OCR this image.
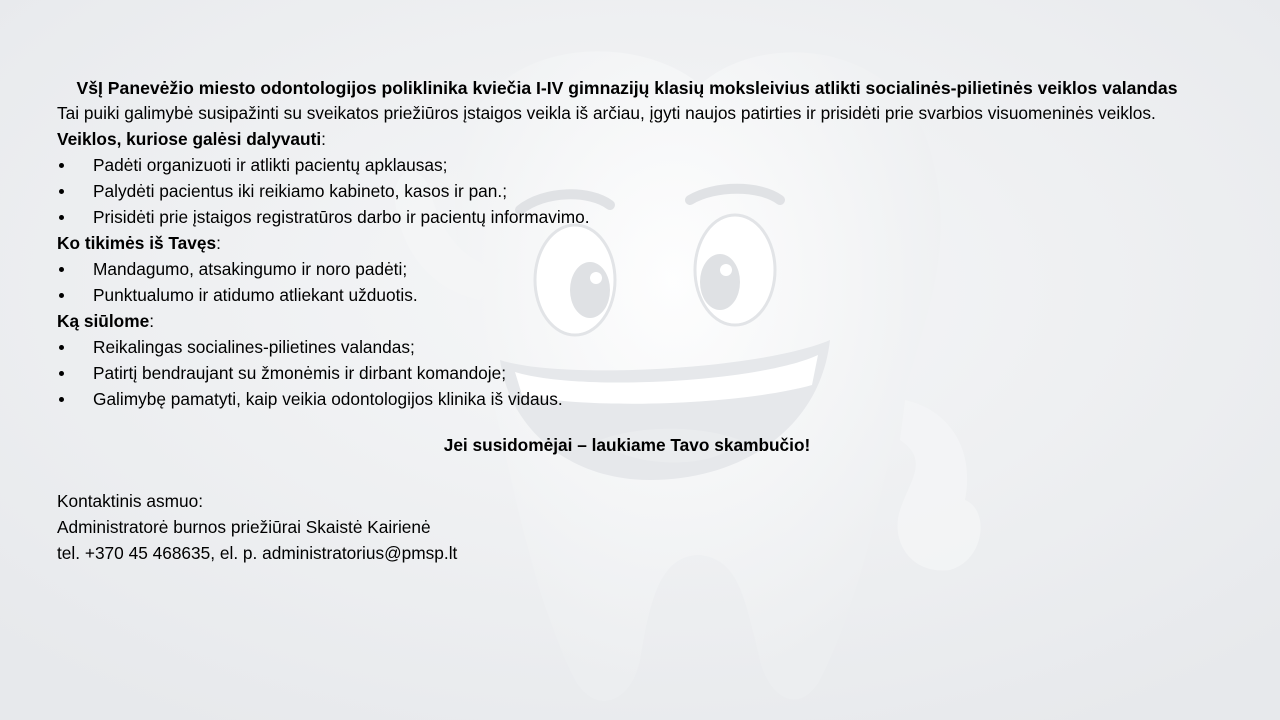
VšĮ Panevėžio miesto odontologijos poliklinika kviečia I-IV gimnazijų klasių moksleivius atlikti socialinės-pilietinės veiklos valandas

Tai puiki galimybė susipažinti su sveikatos priežiūros įstaigos veikla iš arčiau, įgyti naujos patirties ir prisidėti prie svarbios visuomeninės veiklos.

Veiklos, kuriose galėsi dalyvauti:

Padėti organizuoti ir atlikti pacientų apklausas;
Palydėti pacientus iki reikiamo kabineto, kasos ir pan.;
Prisidėti prie įstaigos registratūros darbo ir pacientų informavimo.

Ko tikimės iš Tavęs:

Mandagumo, atsakingumo ir noro padėti;
Punktualumo ir atidumo atliekant užduotis.

Ką siūlome:

Reikalingas socialines-pilietines valandas;
Patirtį bendraujant su žmonėmis ir dirbant komandoje;
Galimybę pamatyti, kaip veikia odontologijos klinika iš vidaus.

Jei susidomėjai – laukiame Tavo skambučio!

Kontaktinis asmuo:
Administratorė burnos priežiūrai Skaistė Kairienė
tel. +370 45 468635, el. p. administratorius@pmsp.lt
